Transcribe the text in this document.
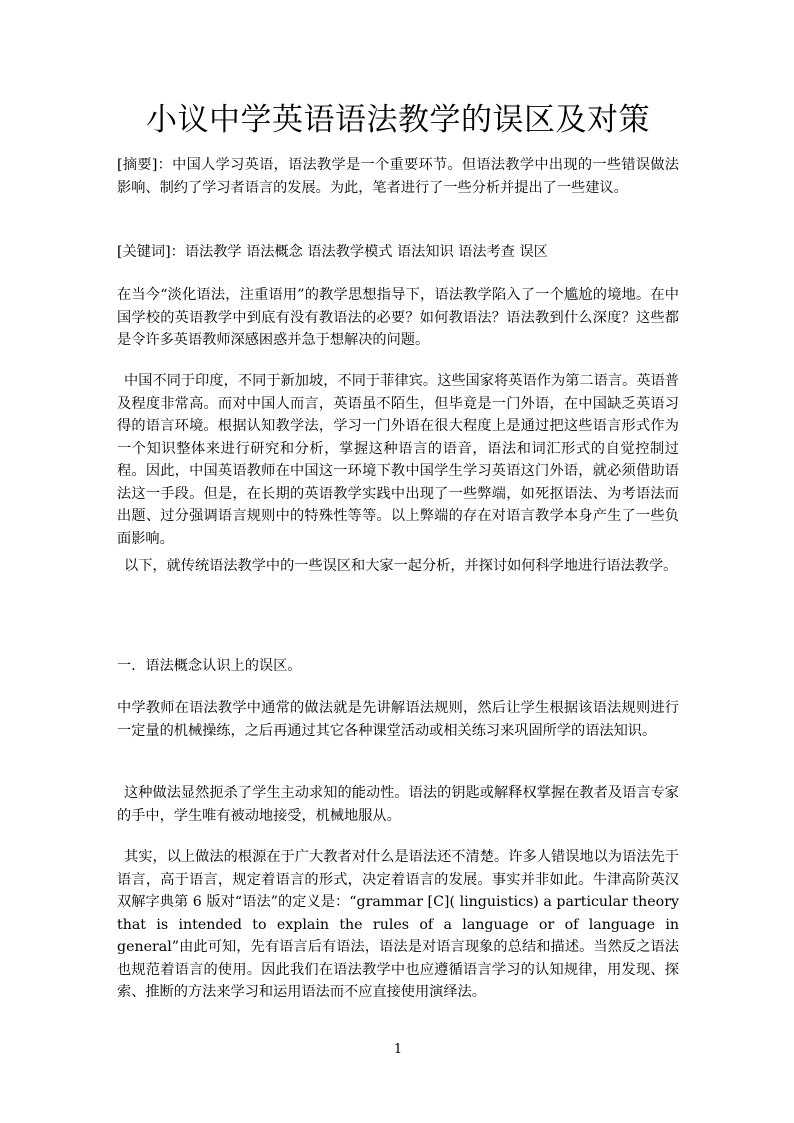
小议中学英语语法教学的误区及对策

[摘要]：中国人学习英语，语法教学是一个重要环节。但语法教学中出现的一些错误做法影响、制约了学习者语言的发展。为此，笔者进行了一些分析并提出了一些建议。

[关键词]：语法教学 语法概念 语法教学模式 语法知识 语法考查 误区

在当今“淡化语法，注重语用”的教学思想指导下，语法教学陷入了一个尴尬的境地。在中国学校的英语教学中到底有没有教语法的必要？如何教语法？语法教到什么深度？这些都是令许多英语教师深感困惑并急于想解决的问题。

中国不同于印度，不同于新加坡，不同于菲律宾。这些国家将英语作为第二语言。英语普及程度非常高。而对中国人而言，英语虽不陌生，但毕竟是一门外语，在中国缺乏英语习得的语言环境。根据认知教学法，学习一门外语在很大程度上是通过把这些语言形式作为一个知识整体来进行研究和分析，掌握这种语言的语音，语法和词汇形式的自觉控制过程。因此，中国英语教师在中国这一环境下教中国学生学习英语这门外语，就必须借助语法这一手段。但是，在长期的英语教学实践中出现了一些弊端，如死抠语法、为考语法而出题、过分强调语言规则中的特殊性等等。以上弊端的存在对语言教学本身产生了一些负面影响。

以下，就传统语法教学中的一些误区和大家一起分析，并探讨如何科学地进行语法教学。

一．语法概念认识上的误区。

中学教师在语法教学中通常的做法就是先讲解语法规则，然后让学生根据该语法规则进行一定量的机械操练，之后再通过其它各种课堂活动或相关练习来巩固所学的语法知识。

这种做法显然扼杀了学生主动求知的能动性。语法的钥匙或解释权掌握在教者及语言专家的手中，学生唯有被动地接受，机械地服从。

其实，以上做法的根源在于广大教者对什么是语法还不清楚。许多人错误地以为语法先于语言，高于语言，规定着语言的形式，决定着语言的发展。事实并非如此。牛津高阶英汉双解字典第 6 版对“语法”的定义是：“grammar [C]( linguistics) a particular theory that is intended to explain the rules of a language or of language in general”由此可知，先有语言后有语法，语法是对语言现象的总结和描述。当然反之语法也规范着语言的使用。因此我们在语法教学中也应遵循语言学习的认知规律，用发现、探索、推断的方法来学习和运用语法而不应直接使用演绎法。

1
